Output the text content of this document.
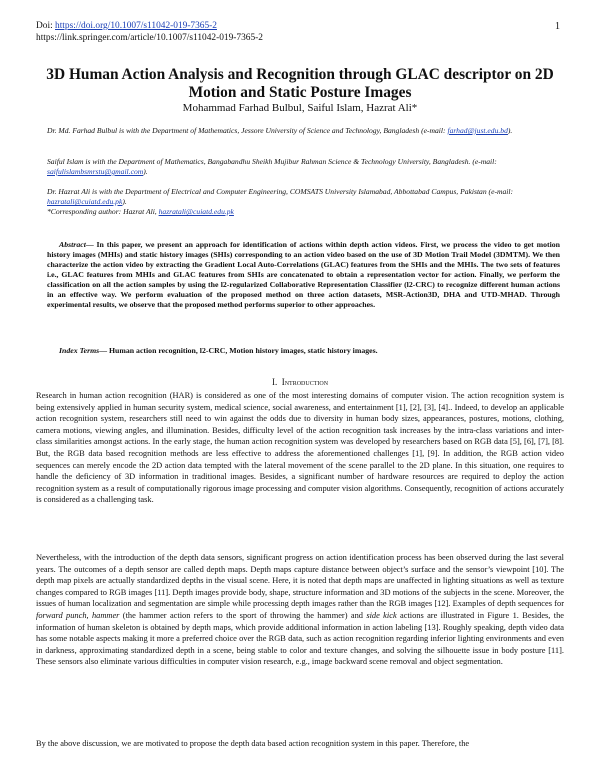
Doi: https://doi.org/10.1007/s11042-019-7365-2
https://link.springer.com/article/10.1007/s11042-019-7365-2
1
3D Human Action Analysis and Recognition through GLAC descriptor on 2D Motion and Static Posture Images
Mohammad Farhad Bulbul, Saiful Islam, Hazrat Ali*
Dr. Md. Farhad Bulbul is with the Department of Mathematics, Jessore University of Science and Technology, Bangladesh (e-mail: farhad@just.edu.bd).
Saiful Islam is with the Department of Mathematics, Bangabandhu Sheikh Mujibur Rahman Science & Technology University, Bangladesh. (e-mail: saifulislambsmrstu@gmail.com).
Dr. Hazrat Ali is with the Department of Electrical and Computer Engineering, COMSATS University Islamabad, Abbottabad Campus, Pakistan (e-mail: hazratali@cuiatd.edu.pk).
*Corresponding author: Hazrat Ali, hazratali@cuiatd.edu.pk
Abstract— In this paper, we present an approach for identification of actions within depth action videos. First, we process the video to get motion history images (MHIs) and static history images (SHIs) corresponding to an action video based on the use of 3D Motion Trail Model (3DMTM). We then characterize the action video by extracting the Gradient Local Auto-Correlations (GLAC) features from the SHIs and the MHIs. The two sets of features i.e., GLAC features from MHIs and GLAC features from SHIs are concatenated to obtain a representation vector for action. Finally, we perform the classification on all the action samples by using the l2-regularized Collaborative Representation Classifier (l2-CRC) to recognize different human actions in an effective way. We perform evaluation of the proposed method on three action datasets, MSR-Action3D, DHA and UTD-MHAD. Through experimental results, we observe that the proposed method performs superior to other approaches.
Index Terms— Human action recognition, l2-CRC, Motion history images, static history images.
I. Introduction

Research in human action recognition (HAR) is considered as one of the most interesting domains of computer vision. The action recognition system is being extensively applied in human security system, medical science, social awareness, and entertainment [1], [2], [3], [4].. Indeed, to develop an applicable action recognition system, researchers still need to win against the odds due to diversity in human body sizes, appearances, postures, motions, clothing, camera motions, viewing angles, and illumination. Besides, difficulty level of the action recognition task increases by the intra-class variations and inter-class similarities amongst actions. In the early stage, the human action recognition system was developed by researchers based on RGB data [5], [6], [7], [8]. But, the RGB data based recognition methods are less effective to address the aforementioned challenges [1], [9]. In addition, the RGB action video sequences can merely encode the 2D action data tempted with the lateral movement of the scene parallel to the 2D plane. In this situation, one requires to handle the deficiency of 3D information in traditional images. Besides, a significant number of hardware resources are required to deploy the action recognition system as a result of computationally rigorous image processing and computer vision algorithms. Consequently, recognition of actions accurately is considered as a challenging task.

Nevertheless, with the introduction of the depth data sensors, significant progress on action identification process has been observed during the last several years. The outcomes of a depth sensor are called depth maps. Depth maps capture distance between object’s surface and the sensor’s viewpoint [10]. The depth map pixels are actually standardized depths in the visual scene. Here, it is noted that depth maps are unaffected in lighting situations as well as texture changes compared to RGB images [11]. Depth images provide body, shape, structure information and 3D motions of the subjects in the scene. Moreover, the issues of human localization and segmentation are simple while processing depth images rather than the RGB images [12]. Examples of depth sequences for forward punch, hammer (the hammer action refers to the sport of throwing the hammer) and side kick actions are illustrated in Figure 1. Besides, the information of human skeleton is obtained by depth maps, which provide additional information in action labeling [13]. Roughly speaking, depth video data has some notable aspects making it more a preferred choice over the RGB data, such as action recognition regarding inferior lighting environments and even in darkness, approximating standardized depth in a scene, being stable to color and texture changes, and solving the silhouette issue in body posture [11]. These sensors also eliminate various difficulties in computer vision research, e.g., image backward scene removal and object segmentation.

By the above discussion, we are motivated to propose the depth data based action recognition system in this paper. Therefore, the
